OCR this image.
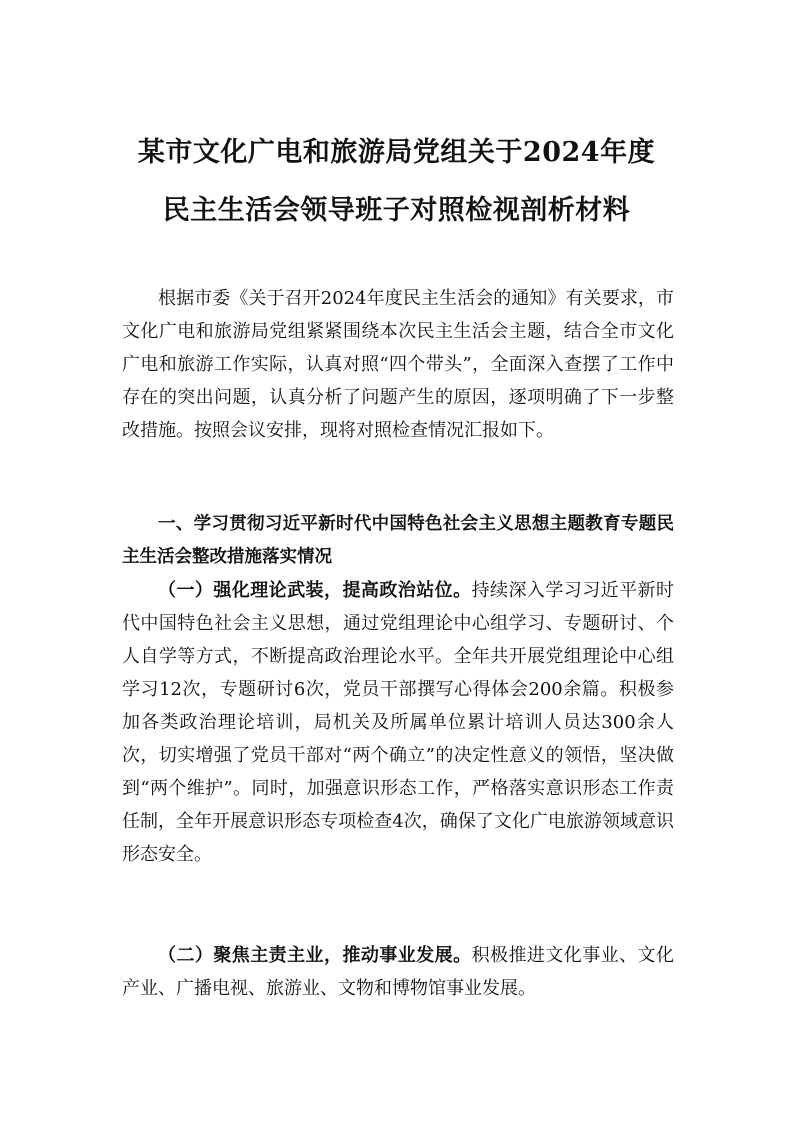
某市文化广电和旅游局党组关于2024年度
民主生活会领导班子对照检视剖析材料

根据市委《关于召开2024年度民主生活会的通知》有关要求，市文化广电和旅游局党组紧紧围绕本次民主生活会主题，结合全市文化广电和旅游工作实际，认真对照“四个带头”，全面深入查摆了工作中存在的突出问题，认真分析了问题产生的原因，逐项明确了下一步整改措施。按照会议安排，现将对照检查情况汇报如下。

一、学习贯彻习近平新时代中国特色社会主义思想主题教育专题民主生活会整改措施落实情况

（一）强化理论武装，提高政治站位。持续深入学习习近平新时代中国特色社会主义思想，通过党组理论中心组学习、专题研讨、个人自学等方式，不断提高政治理论水平。全年共开展党组理论中心组学习12次，专题研讨6次，党员干部撰写心得体会200余篇。积极参加各类政治理论培训，局机关及所属单位累计培训人员达300余人次，切实增强了党员干部对“两个确立”的决定性意义的领悟，坚决做到“两个维护”。同时，加强意识形态工作，严格落实意识形态工作责任制，全年开展意识形态专项检查4次，确保了文化广电旅游领域意识形态安全。

（二）聚焦主责主业，推动事业发展。积极推进文化事业、文化产业、广播电视、旅游业、文物和博物馆事业发展。
